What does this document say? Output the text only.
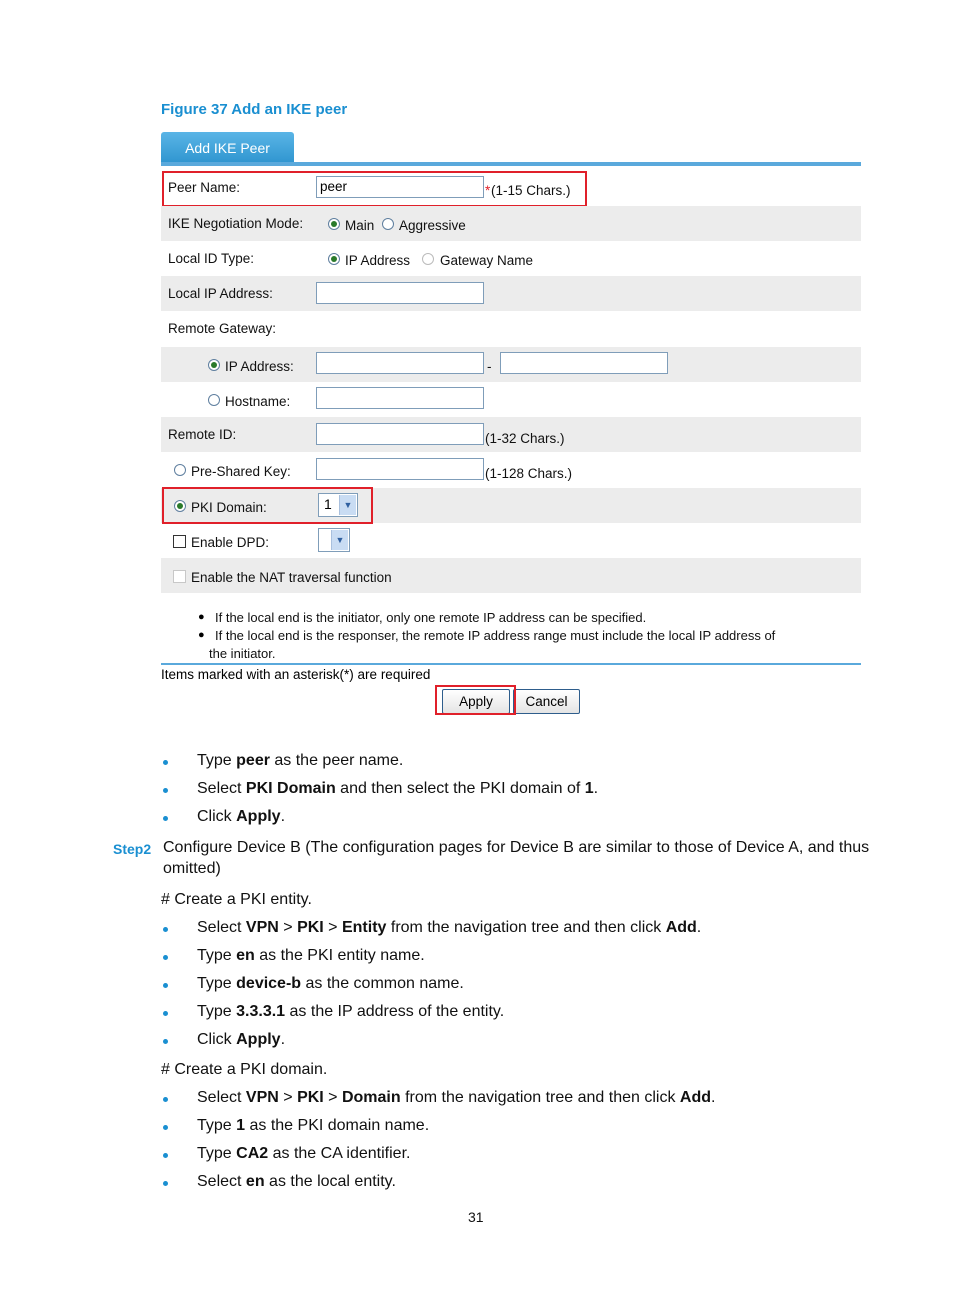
Figure 37 Add an IKE peer
Add IKE Peer
Peer Name:	peer	* (1-15 Chars.)
IKE Negotiation Mode:	Main Aggressive
Local ID Type:	IP Address Gateway Name
Local IP Address:
Remote Gateway:
IP Address:	-
Hostname:
Remote ID:	(1-32 Chars.)
Pre-Shared Key:	(1-128 Chars.)
PKI Domain:	1	▼
Enable DPD:	▼
Enable the NAT traversal function
● If the local end is the initiator, only one remote IP address can be specified.
● If the local end is the responser, the remote IP address range must include the local IP address of
the initiator.
Items marked with an asterisk(*) are required
Apply	Cancel
Type peer as the peer name.
Select PKI Domain and then select the PKI domain of 1.
Click Apply.
Step2 Configure Device B (The configuration pages for Device B are similar to those of Device A, and thus
omitted)
# Create a PKI entity.
Select VPN > PKI > Entity from the navigation tree and then click Add.
Type en as the PKI entity name.
Type device-b as the common name.
Type 3.3.3.1 as the IP address of the entity.
Click Apply.
# Create a PKI domain.
Select VPN > PKI > Domain from the navigation tree and then click Add.
Type 1 as the PKI domain name.
Type CA2 as the CA identifier.
Select en as the local entity.
31
